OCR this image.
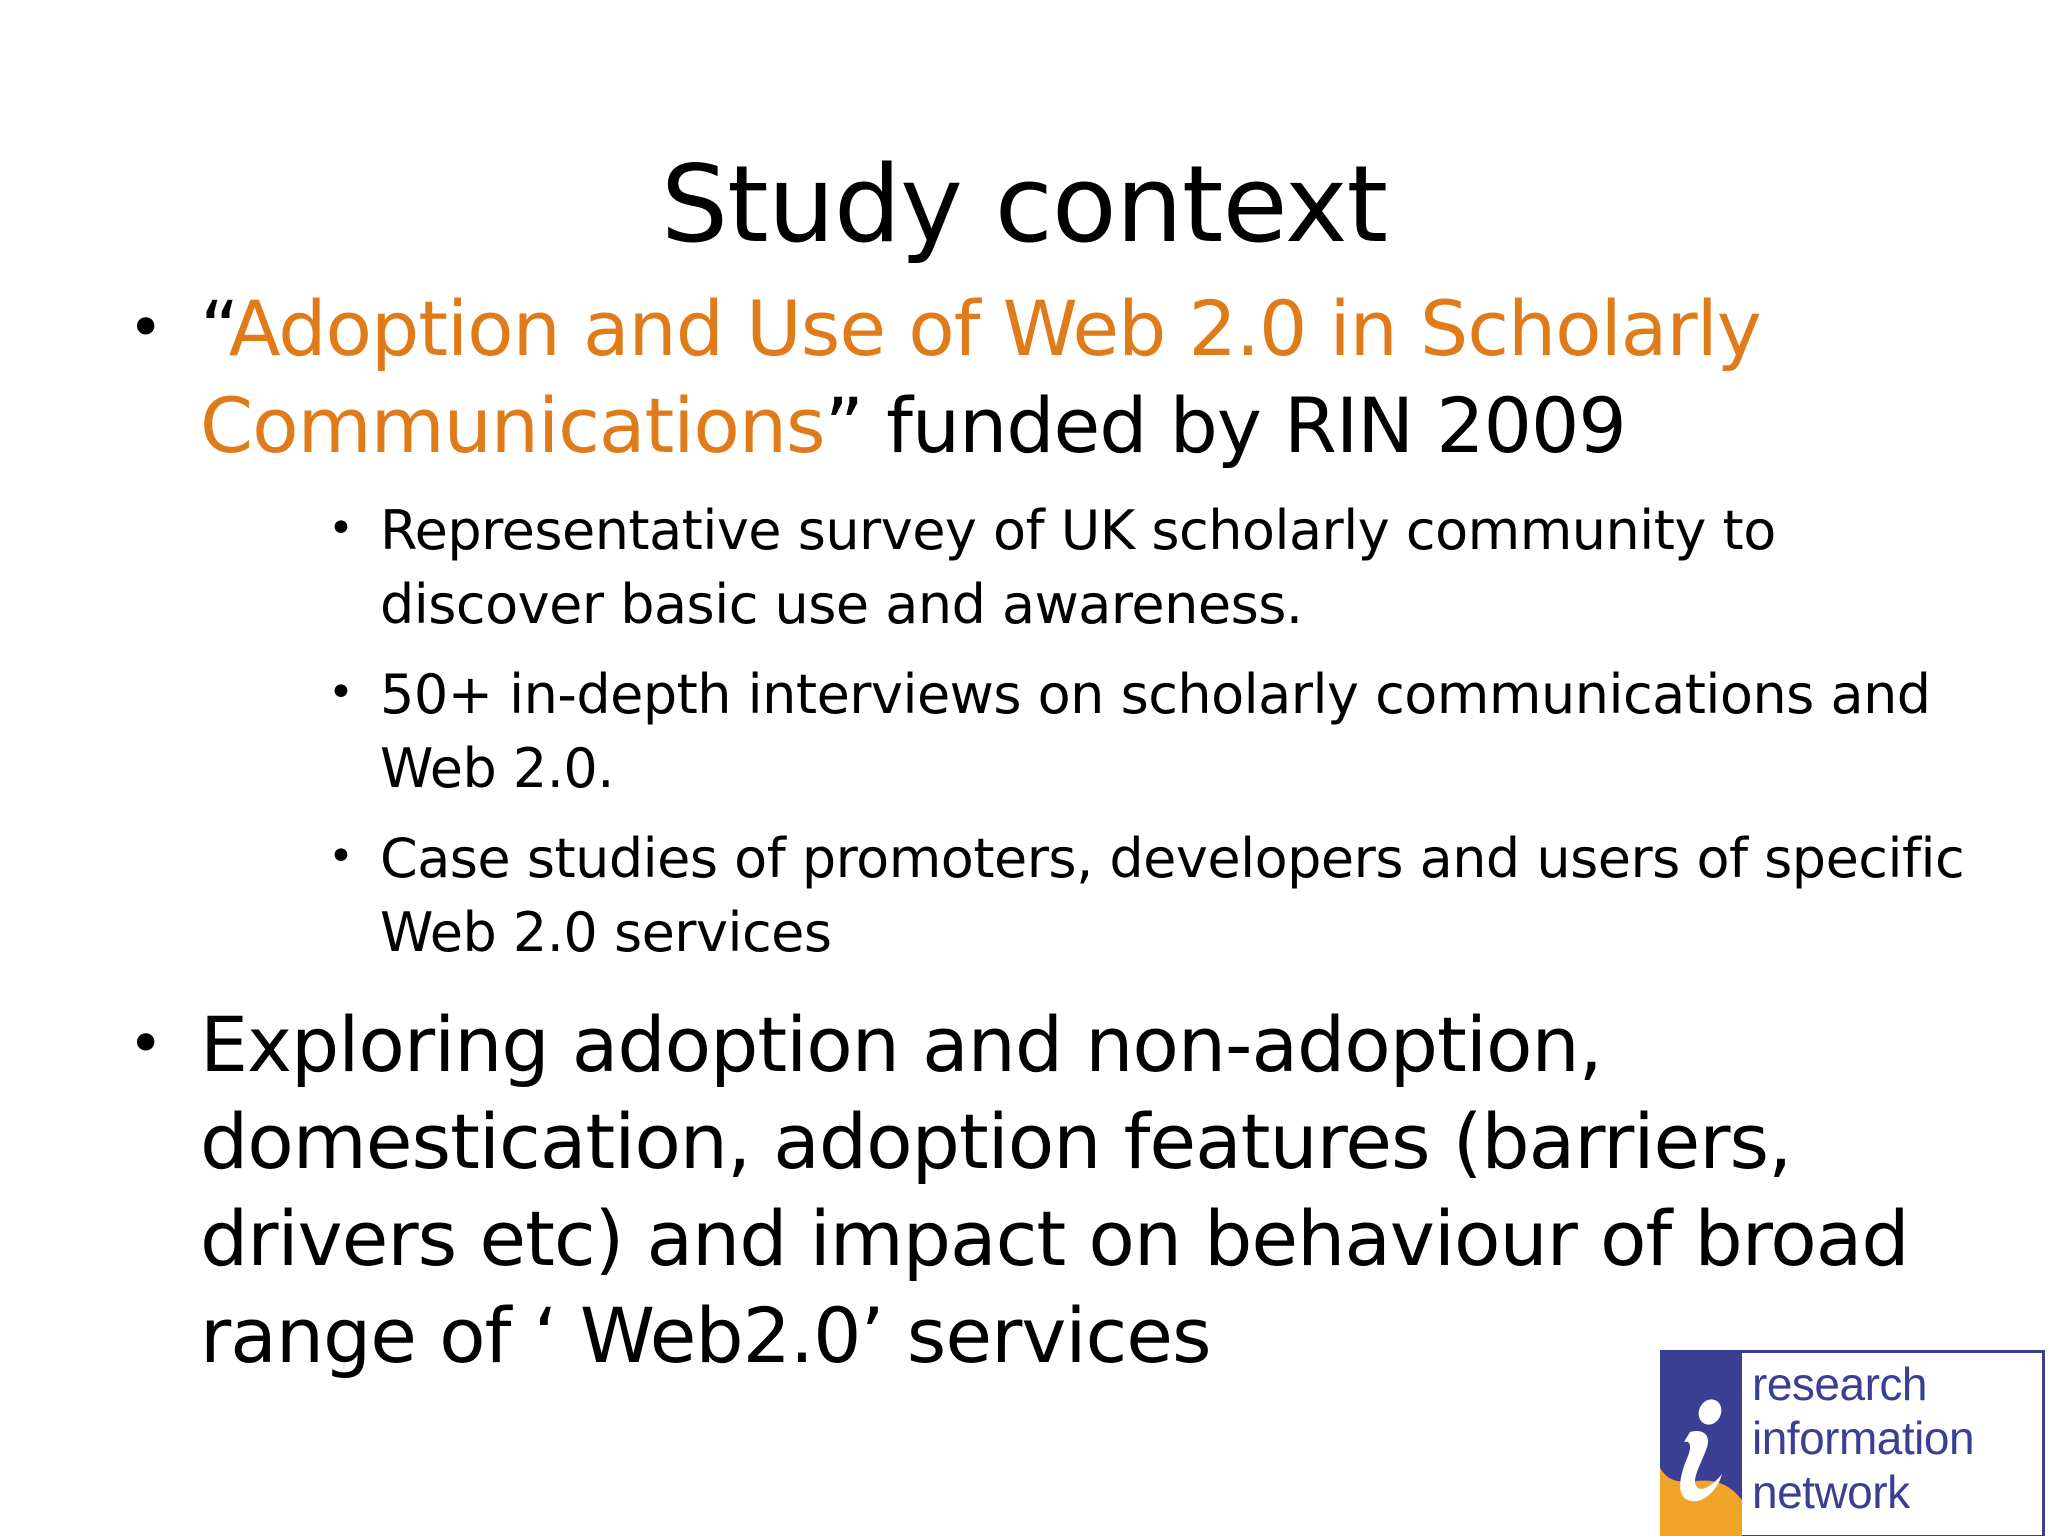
Study context
• “Adoption and Use of Web 2.0 in Scholarly Communications” funded by RIN 2009
• Representative survey of UK scholarly community to discover basic use and awareness.
• 50+ in-depth interviews on scholarly communications and Web 2.0.
• Case studies of promoters, developers and users of specific Web 2.0 services
• Exploring adoption and non-adoption, domestication, adoption features (barriers, drivers etc) and impact on behaviour of broad range of ‘ Web2.0’ services
research
information
network
